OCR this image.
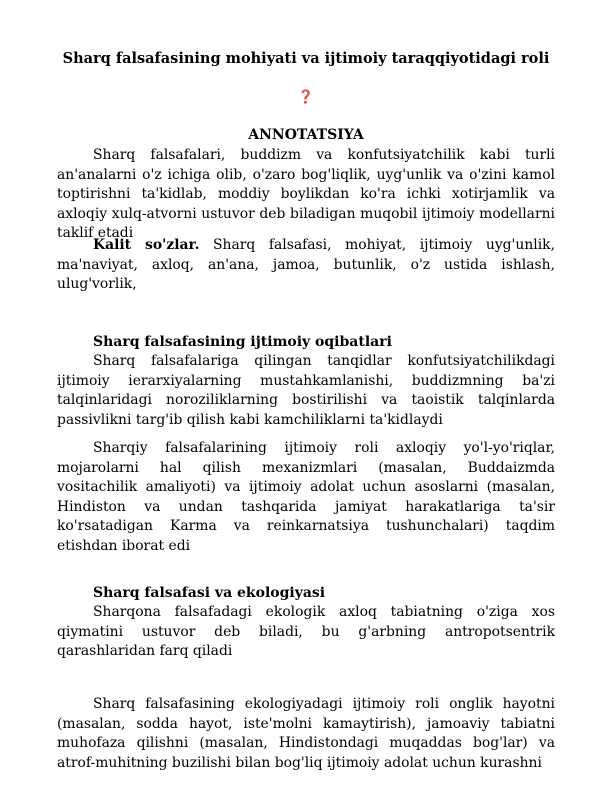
Sharq falsafasining mohiyati va ijtimoiy taraqqiyotidagi roli
❓
ANNOTATSIYA

Sharq falsafalari, buddizm va konfutsiyatchilik kabi turli an'analarni o'z ichiga olib, o'zaro bog'liqlik, uyg'unlik va o'zini kamol toptirishni ta'kidlab, moddiy boylikdan ko'ra ichki xotirjamlik va axloqiy xulq-atvorni ustuvor deb biladigan muqobil ijtimoiy modellarni taklif etadi

Kalit so'zlar. Sharq falsafasi, mohiyat, ijtimoiy uyg'unlik, ma'naviyat, axloq, an'ana, jamoa, butunlik, o'z ustida ishlash, ulug'vorlik,

Sharq falsafasining ijtimoiy oqibatlari

Sharq falsafalariga qilingan tanqidlar konfutsiyatchilikdagi ijtimoiy ierarxiyalarning mustahkamlanishi, buddizmning ba'zi talqinlaridagi noroziliklarning bostirilishi va taoistik talqinlarda passivlikni targ'ib qilish kabi kamchiliklarni ta'kidlaydi

Sharqiy falsafalarining ijtimoiy roli axloqiy yo'l-yo'riqlar, mojarolarni hal qilish mexanizmlari (masalan, Buddaizmda vositachilik amaliyoti) va ijtimoiy adolat uchun asoslarni (masalan, Hindiston va undan tashqarida jamiyat harakatlariga ta'sir ko'rsatadigan Karma va reinkarnatsiya tushunchalari) taqdim etishdan iborat edi

Sharq falsafasi va ekologiyasi

Sharqona falsafadagi ekologik axloq tabiatning o'ziga xos qiymatini ustuvor deb biladi, bu g'arbning antropotsentrik qarashlaridan farq qiladi

Sharq falsafasining ekologiyadagi ijtimoiy roli onglik hayotni (masalan, sodda hayot, iste'molni kamaytirish), jamoaviy tabiatni muhofaza qilishni (masalan, Hindistondagi muqaddas bog'lar) va atrof-muhitning buzilishi bilan bog'liq ijtimoiy adolat uchun kurashni
